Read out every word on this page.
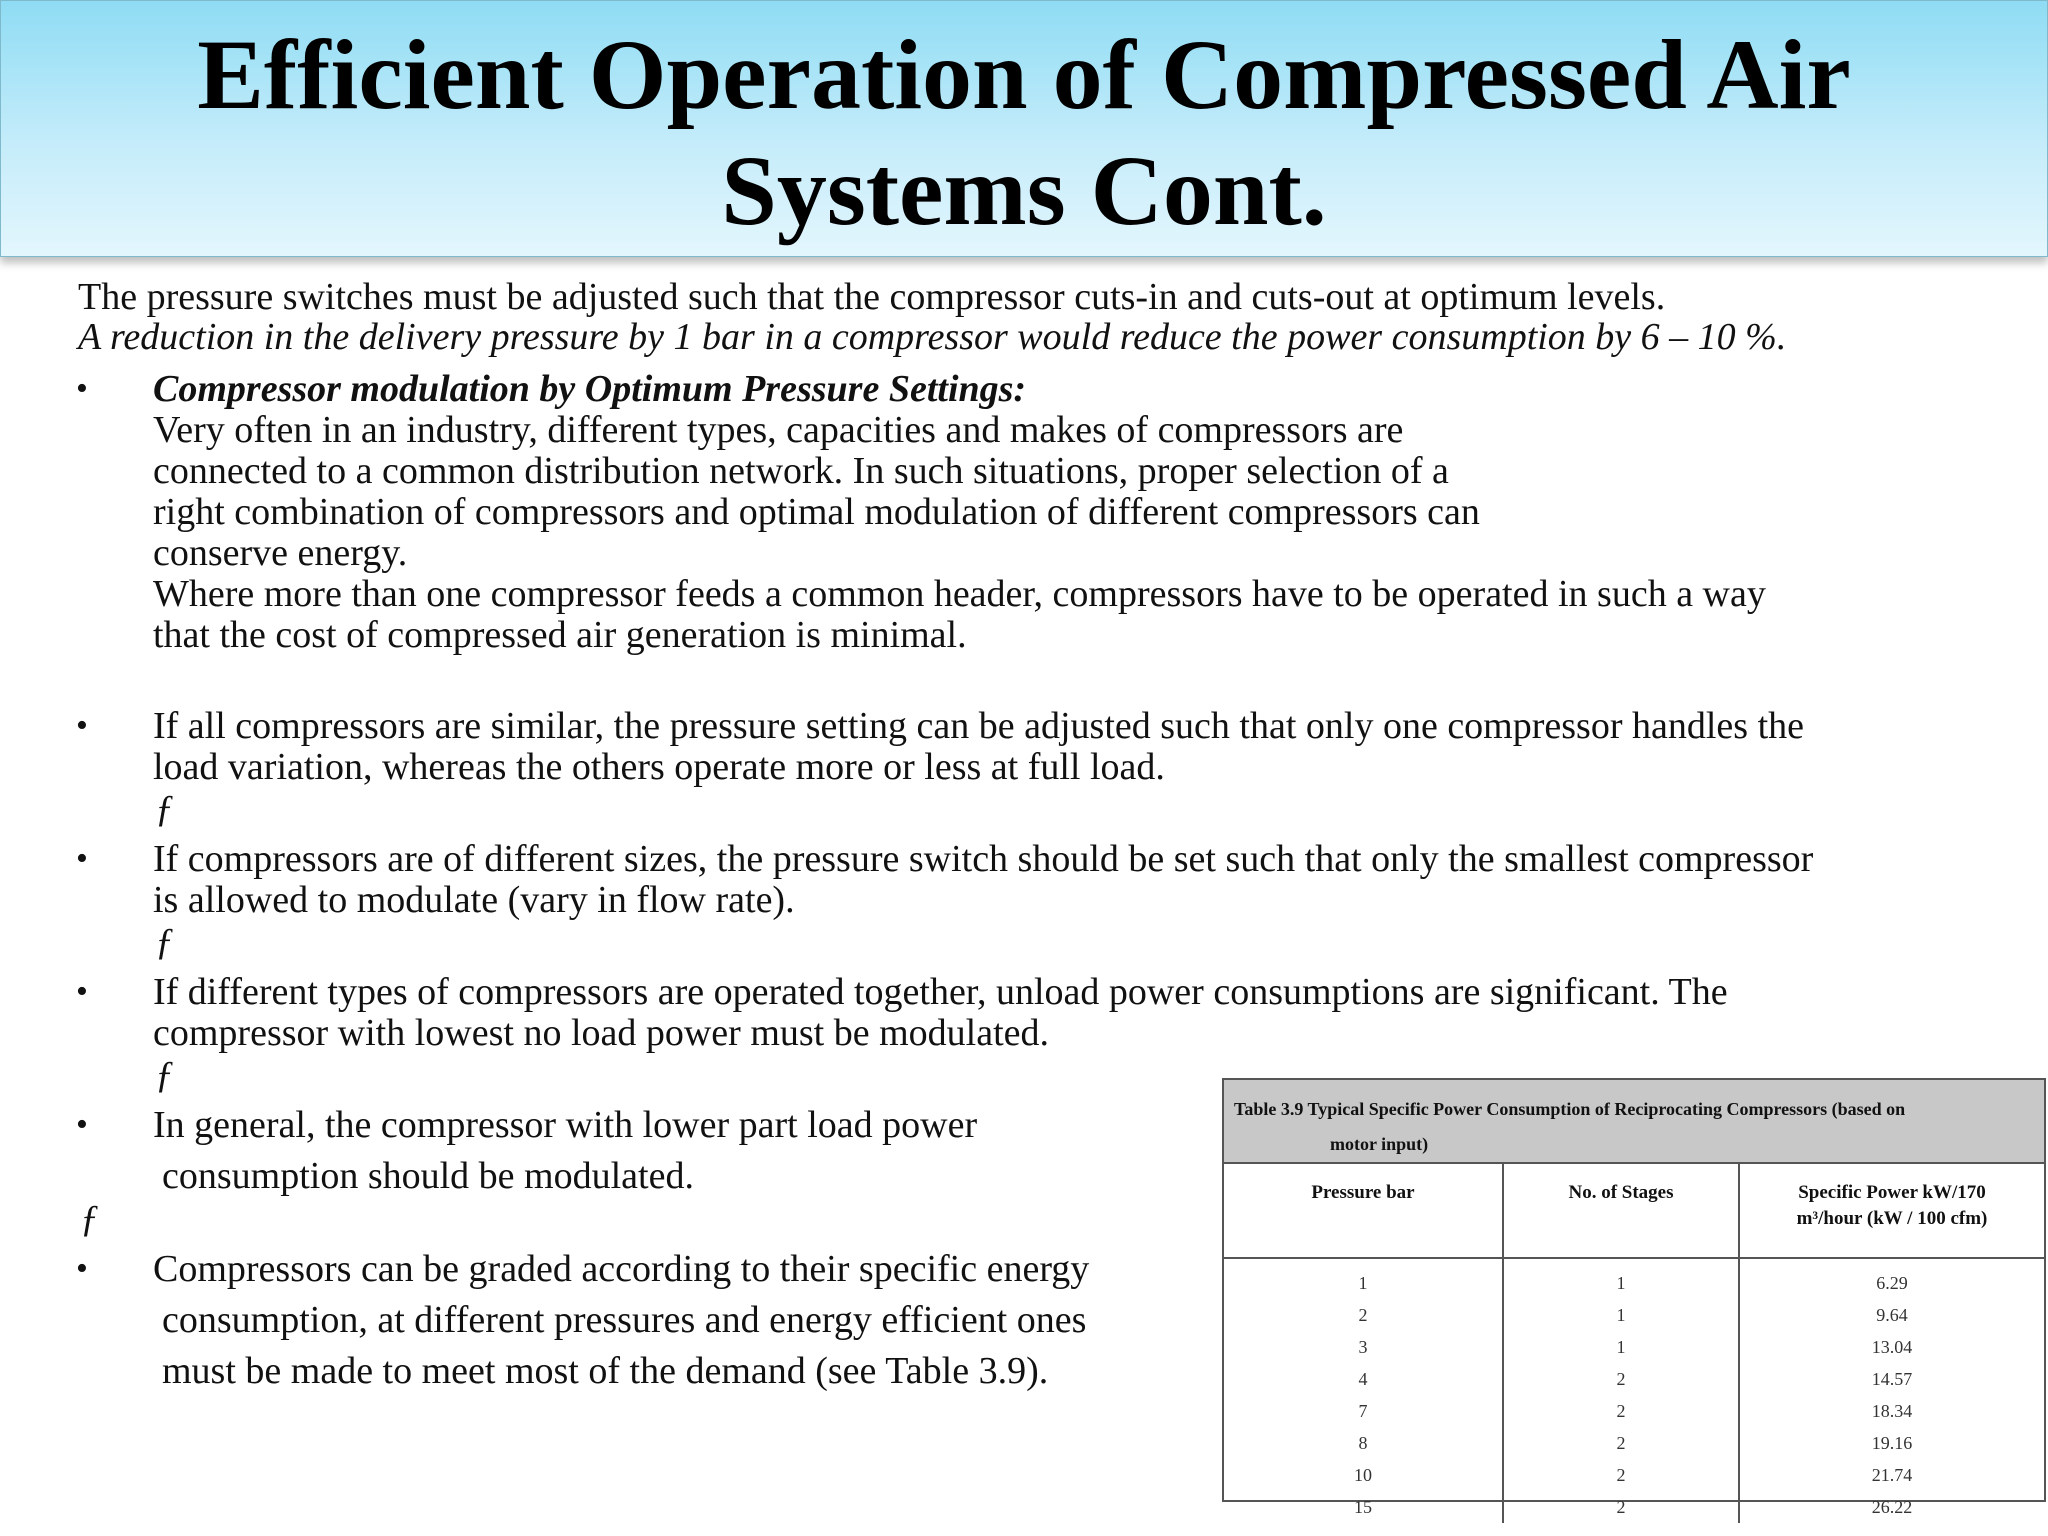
Efficient Operation of Compressed Air
Systems Cont.
The pressure switches must be adjusted such that the compressor cuts-in and cuts-out at optimum levels.
A reduction in the delivery pressure by 1 bar in a compressor would reduce the power consumption by 6 – 10 %.
• Compressor modulation by Optimum Pressure Settings:
Very often in an industry, different types, capacities and makes of compressors are
connected to a common distribution network. In such situations, proper selection of a
right combination of compressors and optimal modulation of different compressors can
conserve energy.
Where more than one compressor feeds a common header, compressors have to be operated in such a way
that the cost of compressed air generation is minimal.
• If all compressors are similar, the pressure setting can be adjusted such that only one compressor handles the
load variation, whereas the others operate more or less at full load.
ƒ
• If compressors are of different sizes, the pressure switch should be set such that only the smallest compressor
is allowed to modulate (vary in flow rate).
ƒ
• If different types of compressors are operated together, unload power consumptions are significant. The
compressor with lowest no load power must be modulated.
ƒ
• In general, the compressor with lower part load power
consumption should be modulated.
ƒ
• Compressors can be graded according to their specific energy
consumption, at different pressures and energy efficient ones
must be made to meet most of the demand (see Table 3.9).
Table 3.9 Typical Specific Power Consumption of Reciprocating Compressors (based on
motor input)
Pressure bar	No. of Stages	Specific Power kW/170
m³/hour (kW / 100 cfm)

1	1	6.29
2	1	9.64
3	1	13.04
4	2	14.57
7	2	18.34
8	2	19.16
10	2	21.74
15	2	26.22
